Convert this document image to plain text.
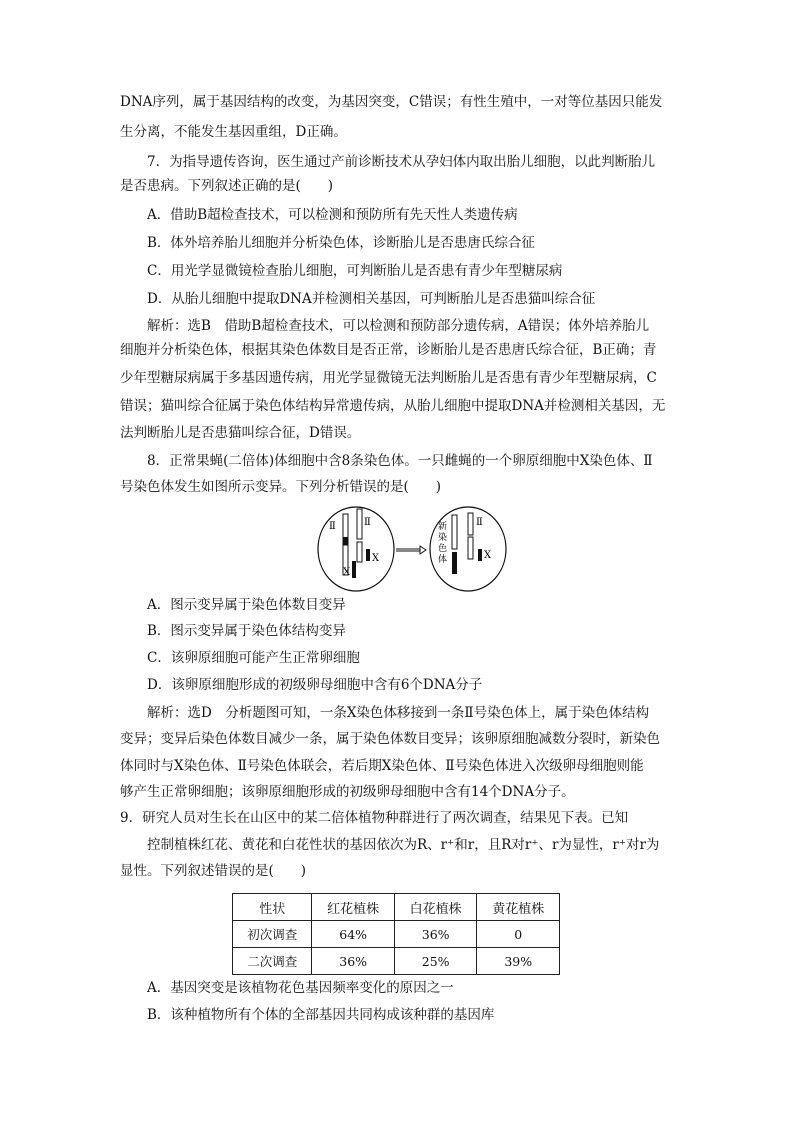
DNA序列，属于基因结构的改变，为基因突变，C错误；有性生殖中，一对等位基因只能发
生分离，不能发生基因重组，D正确。
7．为指导遗传咨询，医生通过产前诊断技术从孕妇体内取出胎儿细胞，以此判断胎儿
是否患病。下列叙述正确的是(　　)
A．借助B超检查技术，可以检测和预防所有先天性人类遗传病
B．体外培养胎儿细胞并分析染色体，诊断胎儿是否患唐氏综合征
C．用光学显微镜检查胎儿细胞，可判断胎儿是否患有青少年型糖尿病
D．从胎儿细胞中提取DNA并检测相关基因，可判断胎儿是否患猫叫综合征
解析：选B　借助B超检查技术，可以检测和预防部分遗传病，A错误；体外培养胎儿
细胞并分析染色体，根据其染色体数目是否正常，诊断胎儿是否患唐氏综合征，B正确；青
少年型糖尿病属于多基因遗传病，用光学显微镜无法判断胎儿是否患有青少年型糖尿病，C
错误；猫叫综合征属于染色体结构异常遗传病，从胎儿细胞中提取DNA并检测相关基因，无
法判断胎儿是否患猫叫综合征，D错误。
8．正常果蝇(二倍体)体细胞中含8条染色体。一只雌蝇的一个卵原细胞中X染色体、Ⅱ
号染色体发生如图所示变异。下列分析错误的是(　　)
Ⅱ	Ⅱ
X
X
新 染 色 体
Ⅱ
X
A．图示变异属于染色体数目变异
B．图示变异属于染色体结构变异
C．该卵原细胞可能产生正常卵细胞
D．该卵原细胞形成的初级卵母细胞中含有6个DNA分子
解析：选D　分析题图可知，一条X染色体移接到一条Ⅱ号染色体上，属于染色体结构
变异；变异后染色体数目减少一条，属于染色体数目变异；该卵原细胞减数分裂时，新染色
体同时与X染色体、Ⅱ号染色体联会，若后期X染色体、Ⅱ号染色体进入次级卵母细胞则能
够产生正常卵细胞；该卵原细胞形成的初级卵母细胞中含有14个DNA分子。
9．研究人员对生长在山区中的某二倍体植物种群进行了两次调查，结果见下表。已知
控制植株红花、黄花和白花性状的基因依次为R、r⁺和r，且R对r⁺、r为显性，r⁺对r为
显性。下列叙述错误的是(　　)
性状	红花植株	白花植株	黄花植株
初次调查	64%	36%	0
二次调查	36%	25%	39%
A．基因突变是该植物花色基因频率变化的原因之一
B．该种植物所有个体的全部基因共同构成该种群的基因库
